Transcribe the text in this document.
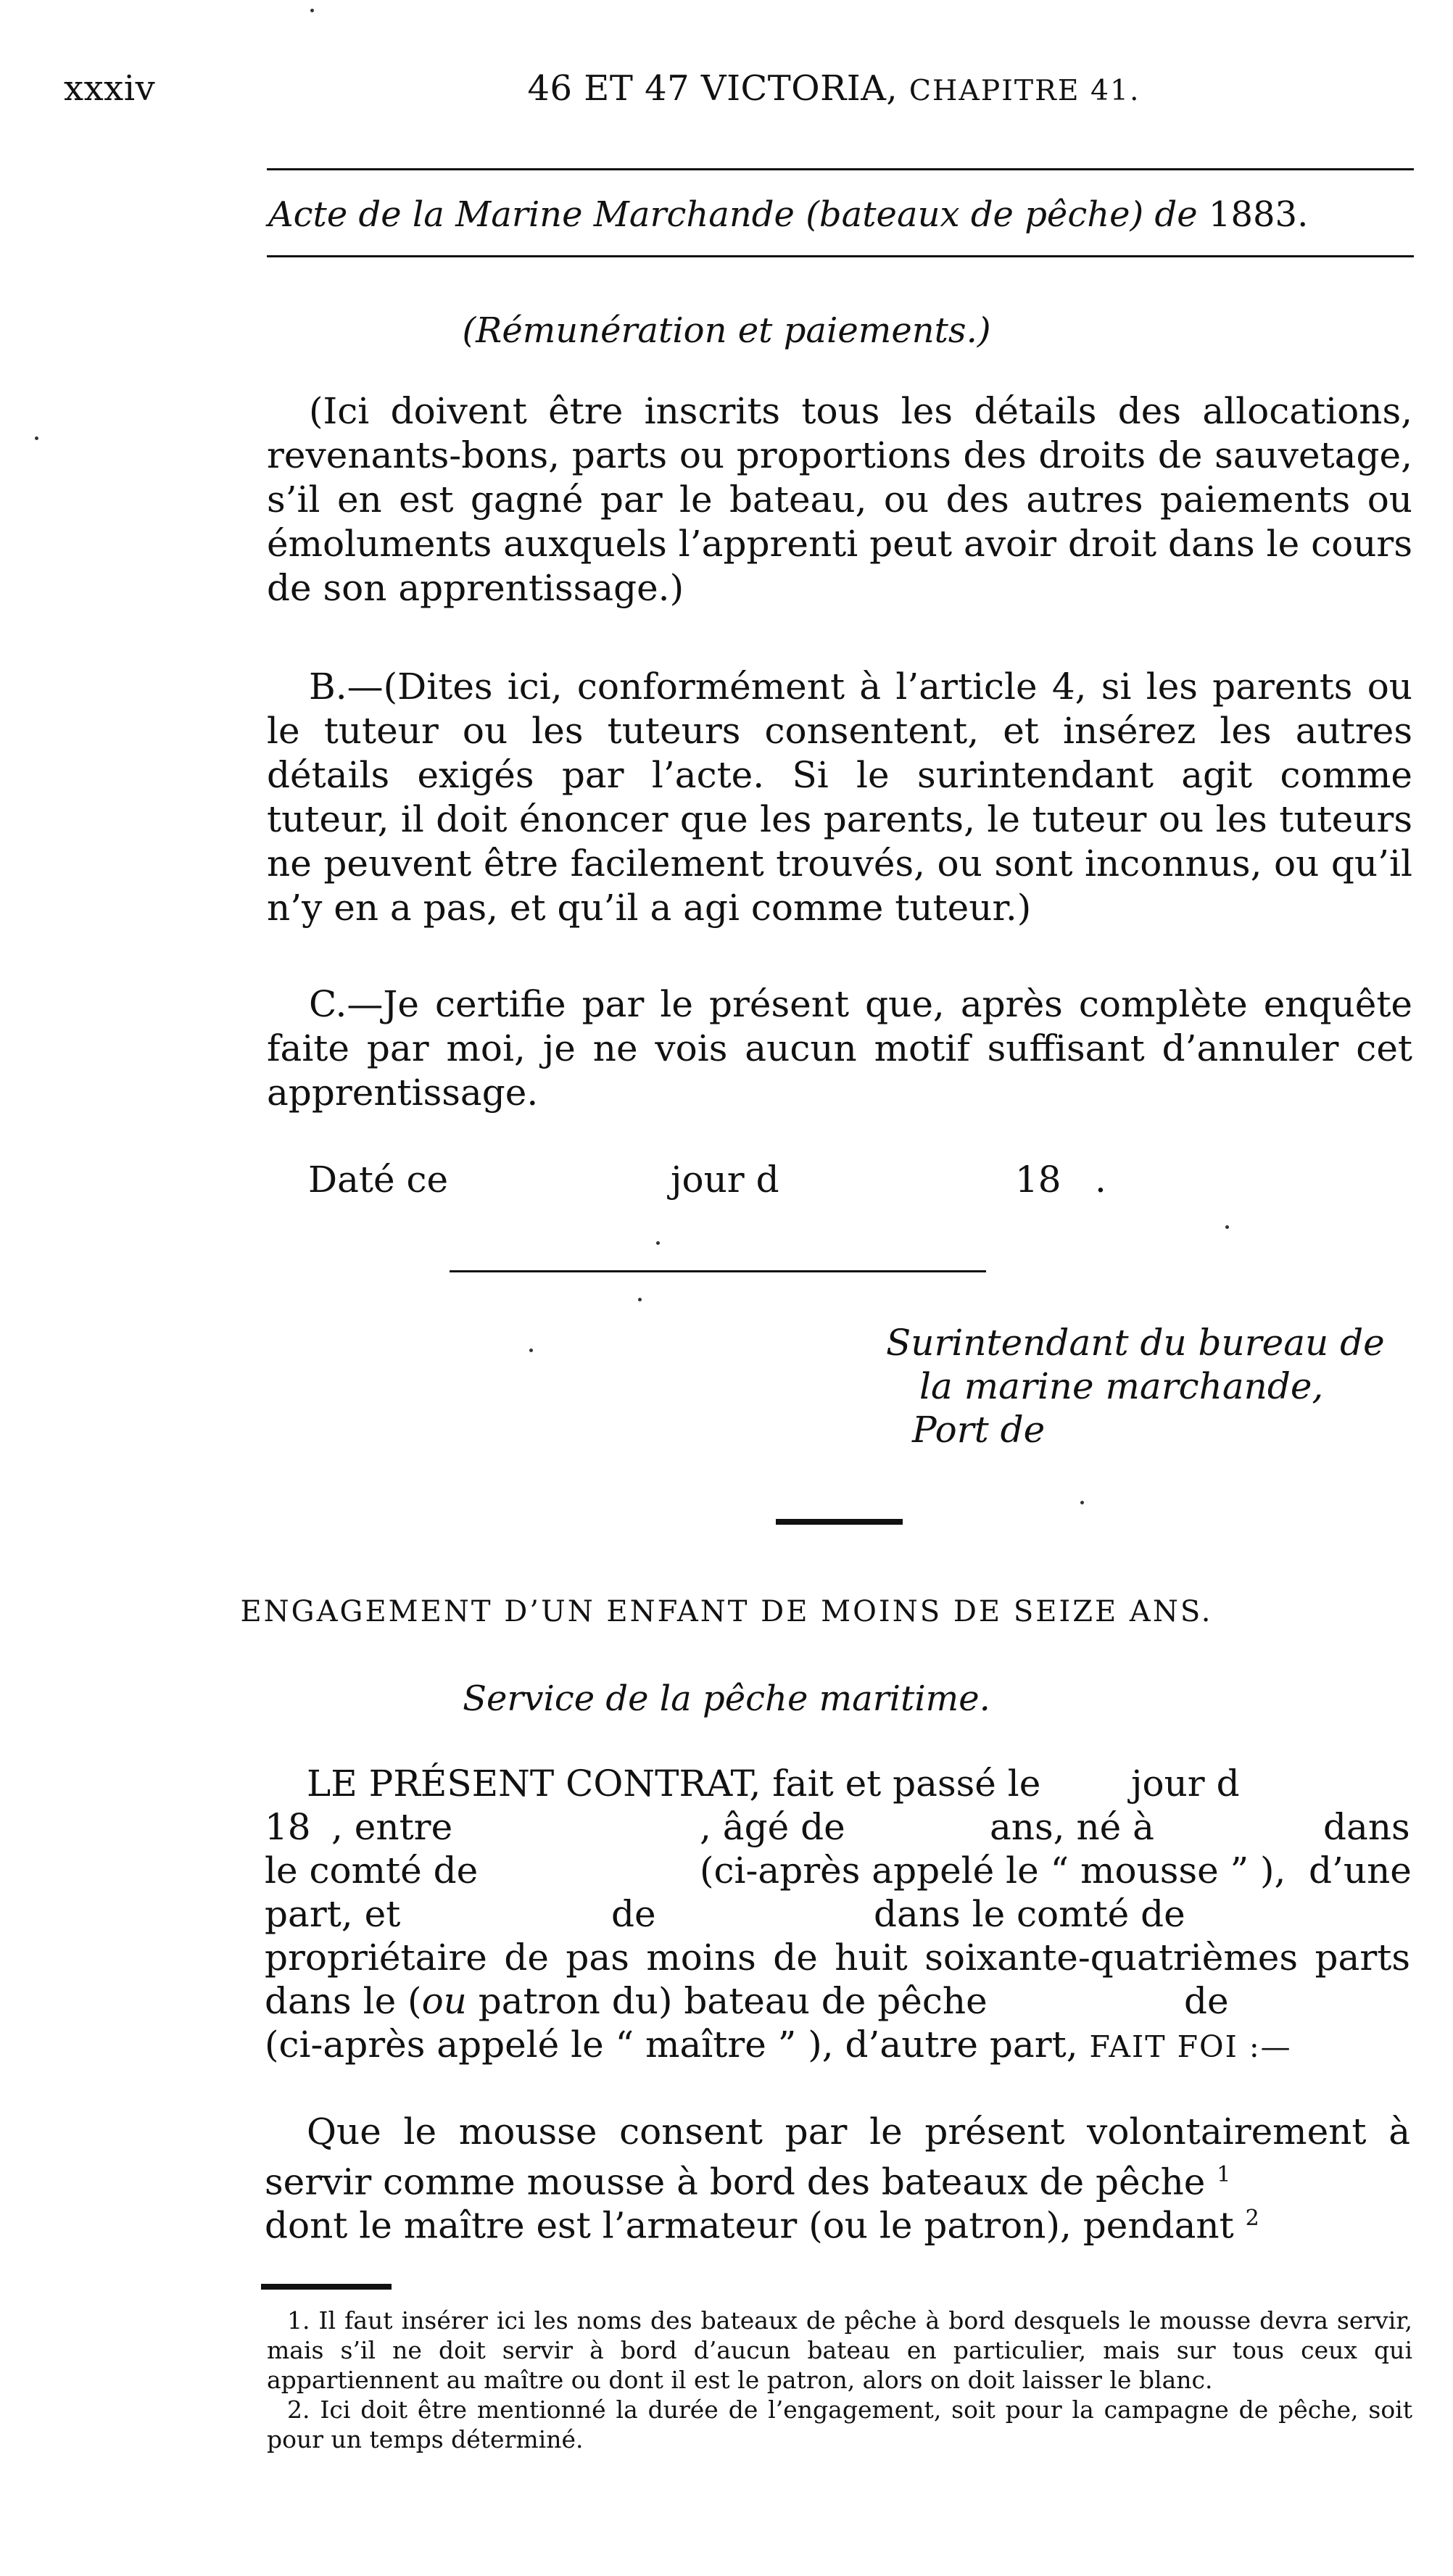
xxxiv	46 ET 47 VICTORIA, CHAPITRE 41.
Acte de la Marine Marchande (bateaux de pêche) de 1883.
(Rémunération et paiements.)

(Ici doivent être inscrits tous les détails des allocations, revenants-bons, parts ou proportions des droits de sauvetage, s’il en est gagné par le bateau, ou des autres paiements ou émoluments auxquels l’apprenti peut avoir droit dans le cours de son apprentissage.)

B.—(Dites ici, conformément à l’article 4, si les parents ou le tuteur ou les tuteurs consentent, et insérez les autres détails exigés par l’acte. Si le surintendant agit comme tuteur, il doit énoncer que les parents, le tuteur ou les tuteurs ne peuvent être facilement trouvés, ou sont inconnus, ou qu’il n’y en a pas, et qu’il a agi comme tuteur.)

C.—Je certifie par le présent que, après complète enquête faite par moi, je ne vois aucun motif suffisant d’annuler cet apprentissage.

Daté ce	jour d	18 .
Surintendant du bureau de
la marine marchande,
Port de
ENGAGEMENT D’UN ENFANT DE MOINS DE SEIZE ANS.
Service de la pêche maritime.
LE PRÉSENT CONTRAT, fait et passé le jour d
18 , entre	, âgé de	ans, né à	dans
le comté de	(ci-après appelé le “ mousse ” ), d’une
part, et	de	dans le comté de
propriétaire de pas moins de huit soixante-quatrièmes parts
dans le (ou patron du) bateau de pêche	de
(ci-après appelé le “ maître ” ), d’autre part, FAIT FOI :—
Que le mousse consent par le présent volontairement à
servir comme mousse à bord des bateaux de pêche $^1$
dont le maître est l’armateur (ou le patron), pendant $^2$

1. Il faut insérer ici les noms des bateaux de pêche à bord desquels le mousse devra servir, mais s’il ne doit servir à bord d’aucun bateau en particulier, mais sur tous ceux qui appartiennent au maître ou dont il est le patron, alors on doit laisser le blanc.

2. Ici doit être mentionné la durée de l’engagement, soit pour la campagne de pêche, soit pour un temps déterminé.
